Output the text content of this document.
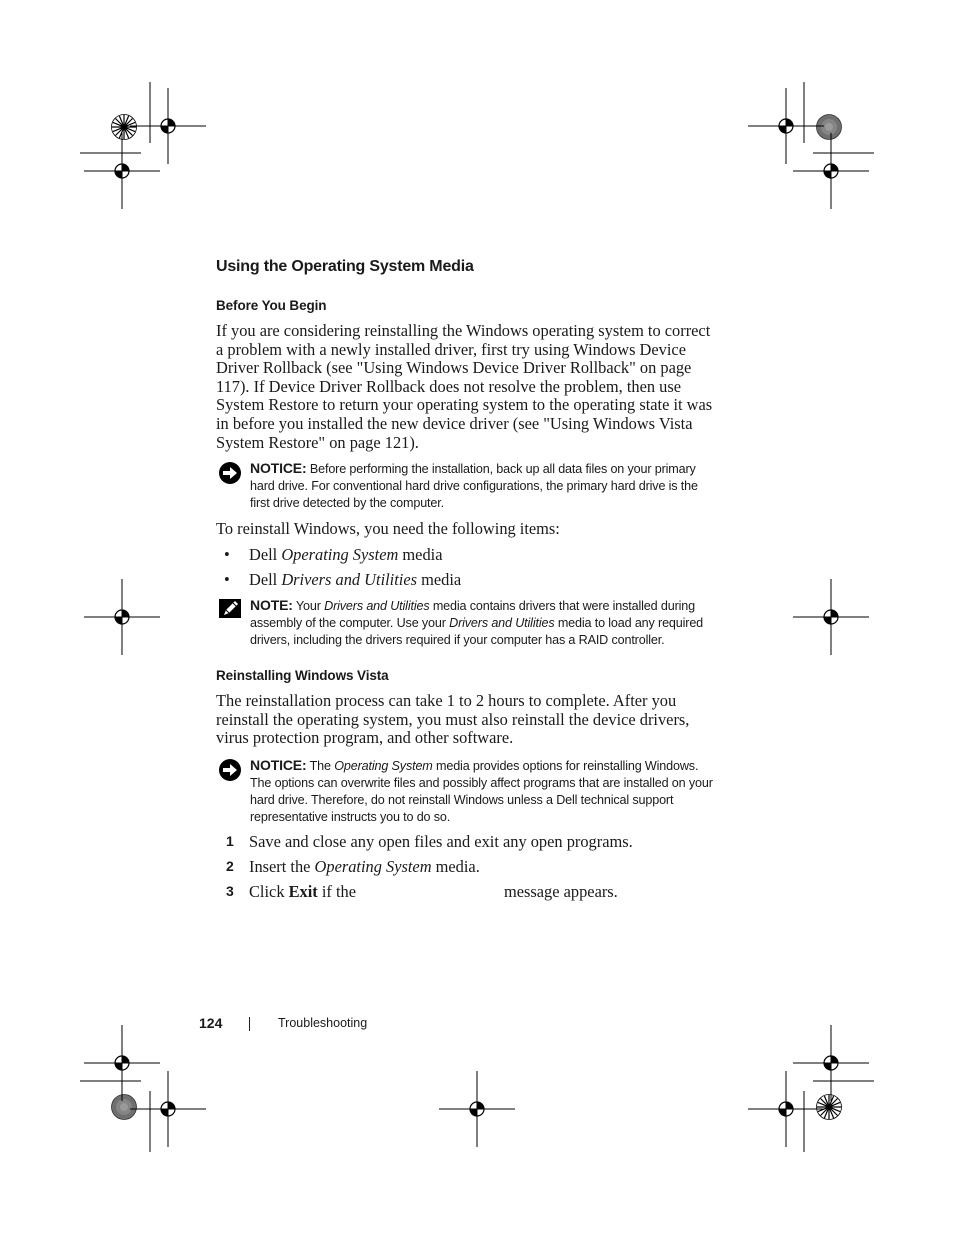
Using the Operating System Media
Before You Begin
If you are considering reinstalling the Windows operating system to correct a problem with a newly installed driver, first try using Windows Device Driver Rollback (see "Using Windows Device Driver Rollback" on page 117). If Device Driver Rollback does not resolve the problem, then use System Restore to return your operating system to the operating state it was in before you installed the new device driver (see "Using Windows Vista System Restore" on page 121).
NOTICE: Before performing the installation, back up all data files on your primary hard drive. For conventional hard drive configurations, the primary hard drive is the first drive detected by the computer.
To reinstall Windows, you need the following items:
• Dell Operating System media
• Dell Drivers and Utilities media
NOTE: Your Drivers and Utilities media contains drivers that were installed during assembly of the computer. Use your Drivers and Utilities media to load any required drivers, including the drivers required if your computer has a RAID controller.
Reinstalling Windows Vista
The reinstallation process can take 1 to 2 hours to complete. After you reinstall the operating system, you must also reinstall the device drivers, virus protection program, and other software.
NOTICE: The Operating System media provides options for reinstalling Windows. The options can overwrite files and possibly affect programs that are installed on your hard drive. Therefore, do not reinstall Windows unless a Dell technical support representative instructs you to do so.
1 Save and close any open files and exit any open programs.
2 Insert the Operating System media.
3 Click Exit if the	message appears.
124	Troubleshooting
